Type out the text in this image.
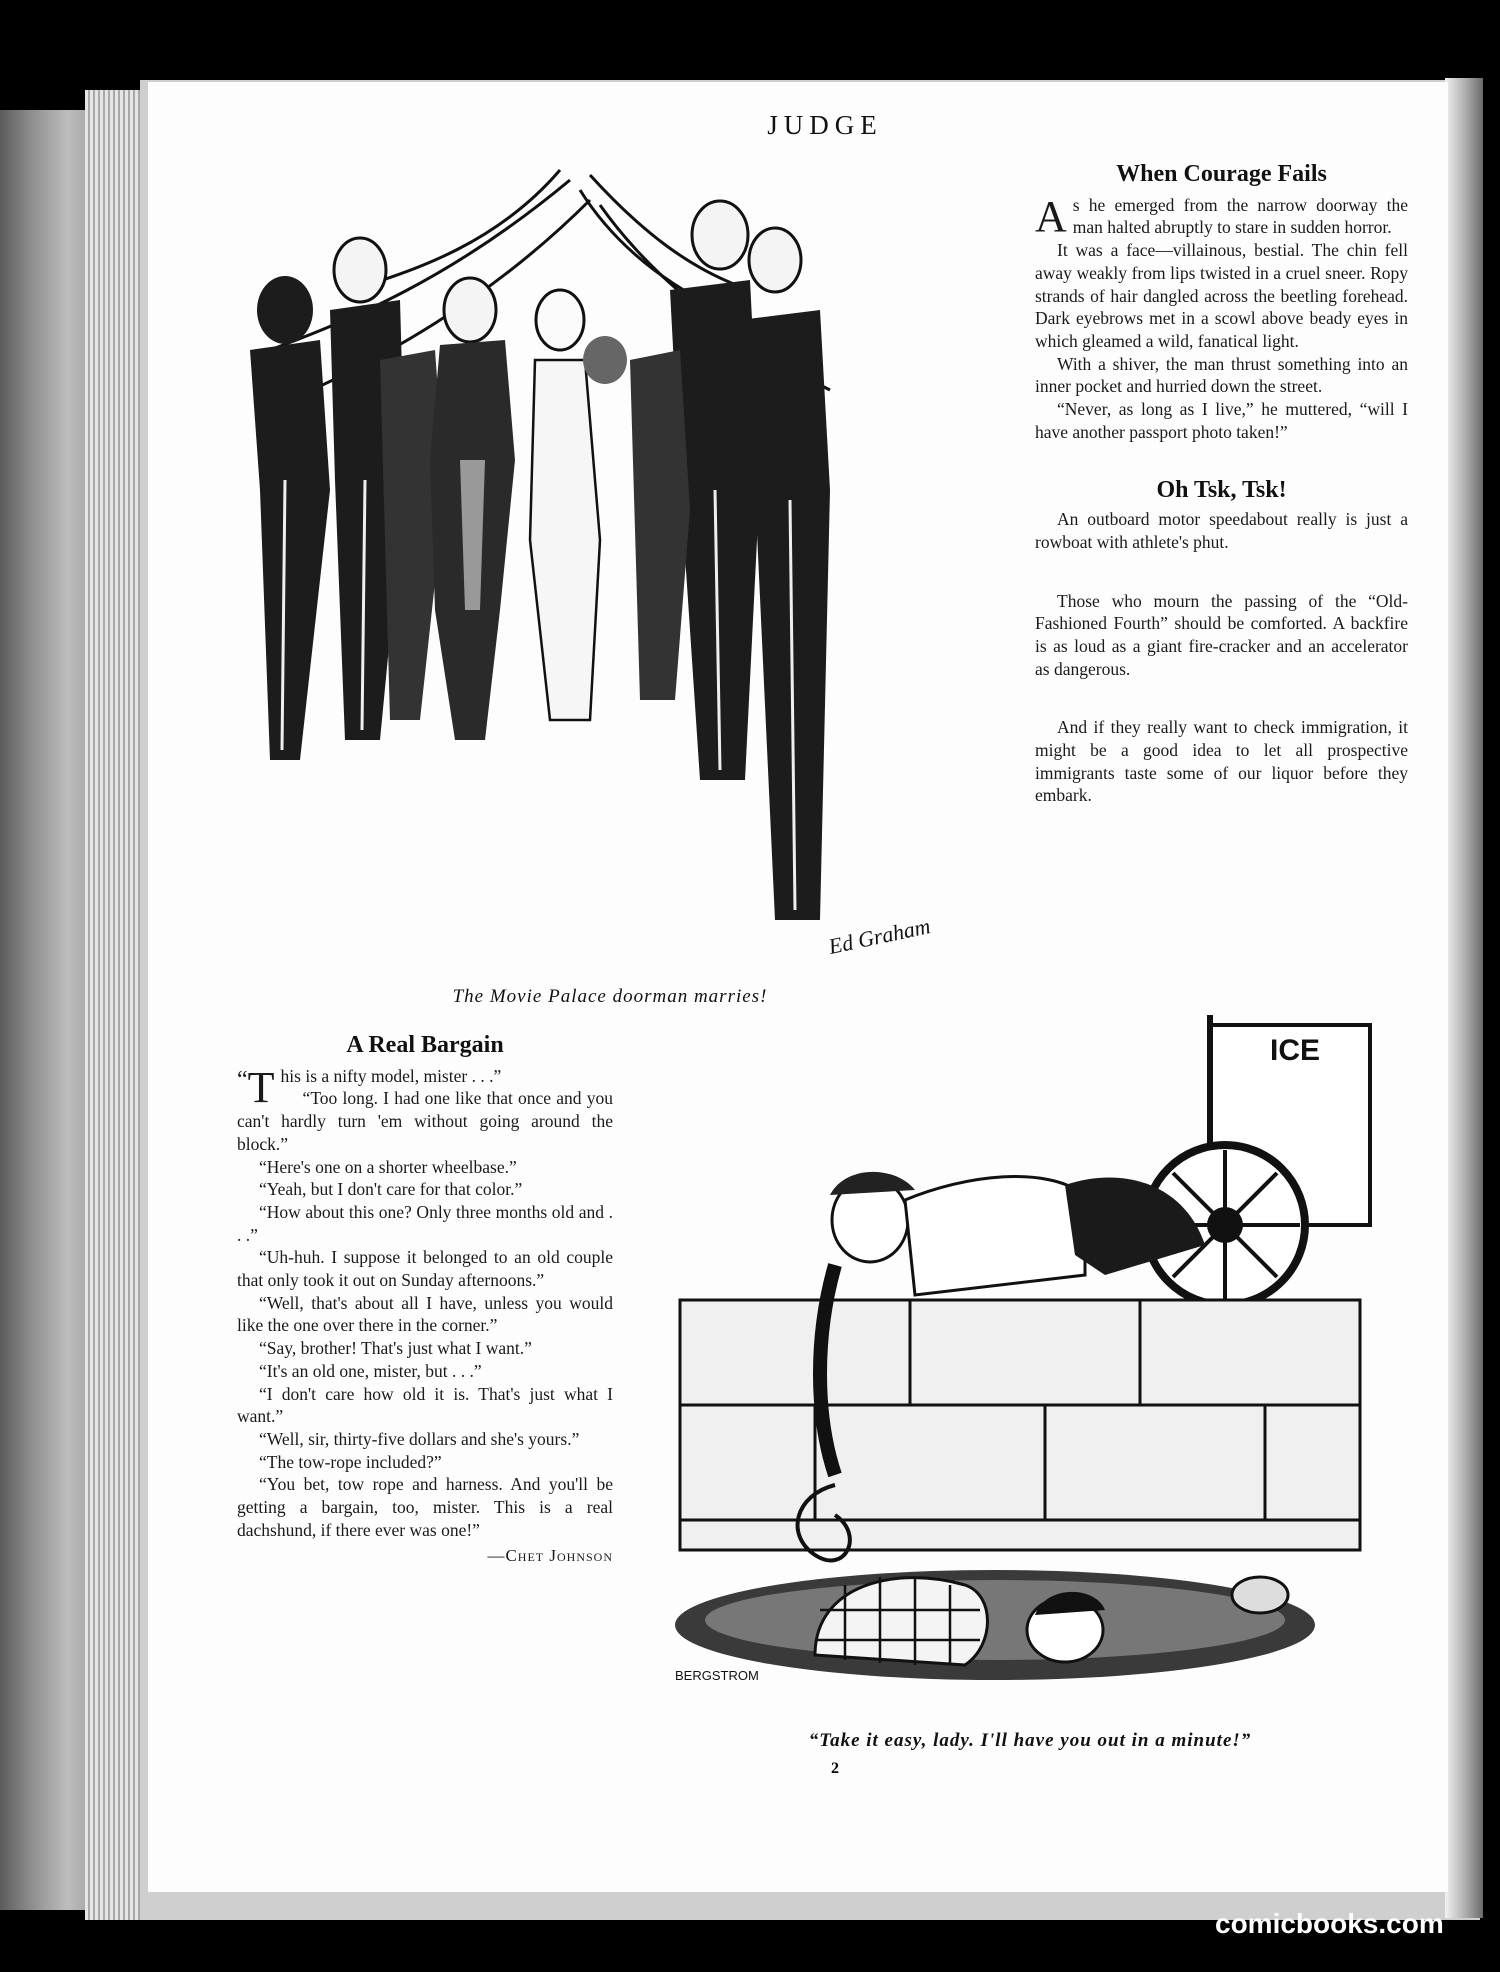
JUDGE
Ed Graham
The Movie Palace doorman marries!
When Courage Fails

As he emerged from the narrow doorway the man halted abruptly to stare in sudden horror.

It was a face—villainous, bestial. The chin fell away weakly from lips twisted in a cruel sneer. Ropy strands of hair dangled across the beetling forehead. Dark eyebrows met in a scowl above beady eyes in which gleamed a wild, fanatical light.

With a shiver, the man thrust something into an inner pocket and hurried down the street.

“Never, as long as I live,” he muttered, “will I have another passport photo taken!”

Oh Tsk, Tsk!

An outboard motor speedabout really is just a rowboat with athlete's phut.

Those who mourn the passing of the “Old-Fashioned Fourth” should be comforted. A backfire is as loud as a giant fire-cracker and an accelerator as dangerous.

And if they really want to check immigration, it might be a good idea to let all prospective immigrants taste some of our liquor before they embark.

A Real Bargain

“ T his is a nifty model, mister . . .”

“Too long. I had one like that once and you can't hardly turn 'em without going around the block.”

“Here's one on a shorter wheelbase.”

“Yeah, but I don't care for that color.”

“How about this one? Only three months old and . . .”

“Uh-huh. I suppose it belonged to an old couple that only took it out on Sunday afternoons.”

“Well, that's about all I have, unless you would like the one over there in the corner.”

“Say, brother! That's just what I want.”

“It's an old one, mister, but . . .”

“I don't care how old it is. That's just what I want.”

“Well, sir, thirty-five dollars and she's yours.”

“The tow-rope included?”

“You bet, tow rope and harness. And you'll be getting a bargain, too, mister. This is a real dachshund, if there ever was one!”

—Chet Johnson
ICE
BERGSTROM
“Take it easy, lady. I'll have you out in a minute!”
2
comicbooks.com
